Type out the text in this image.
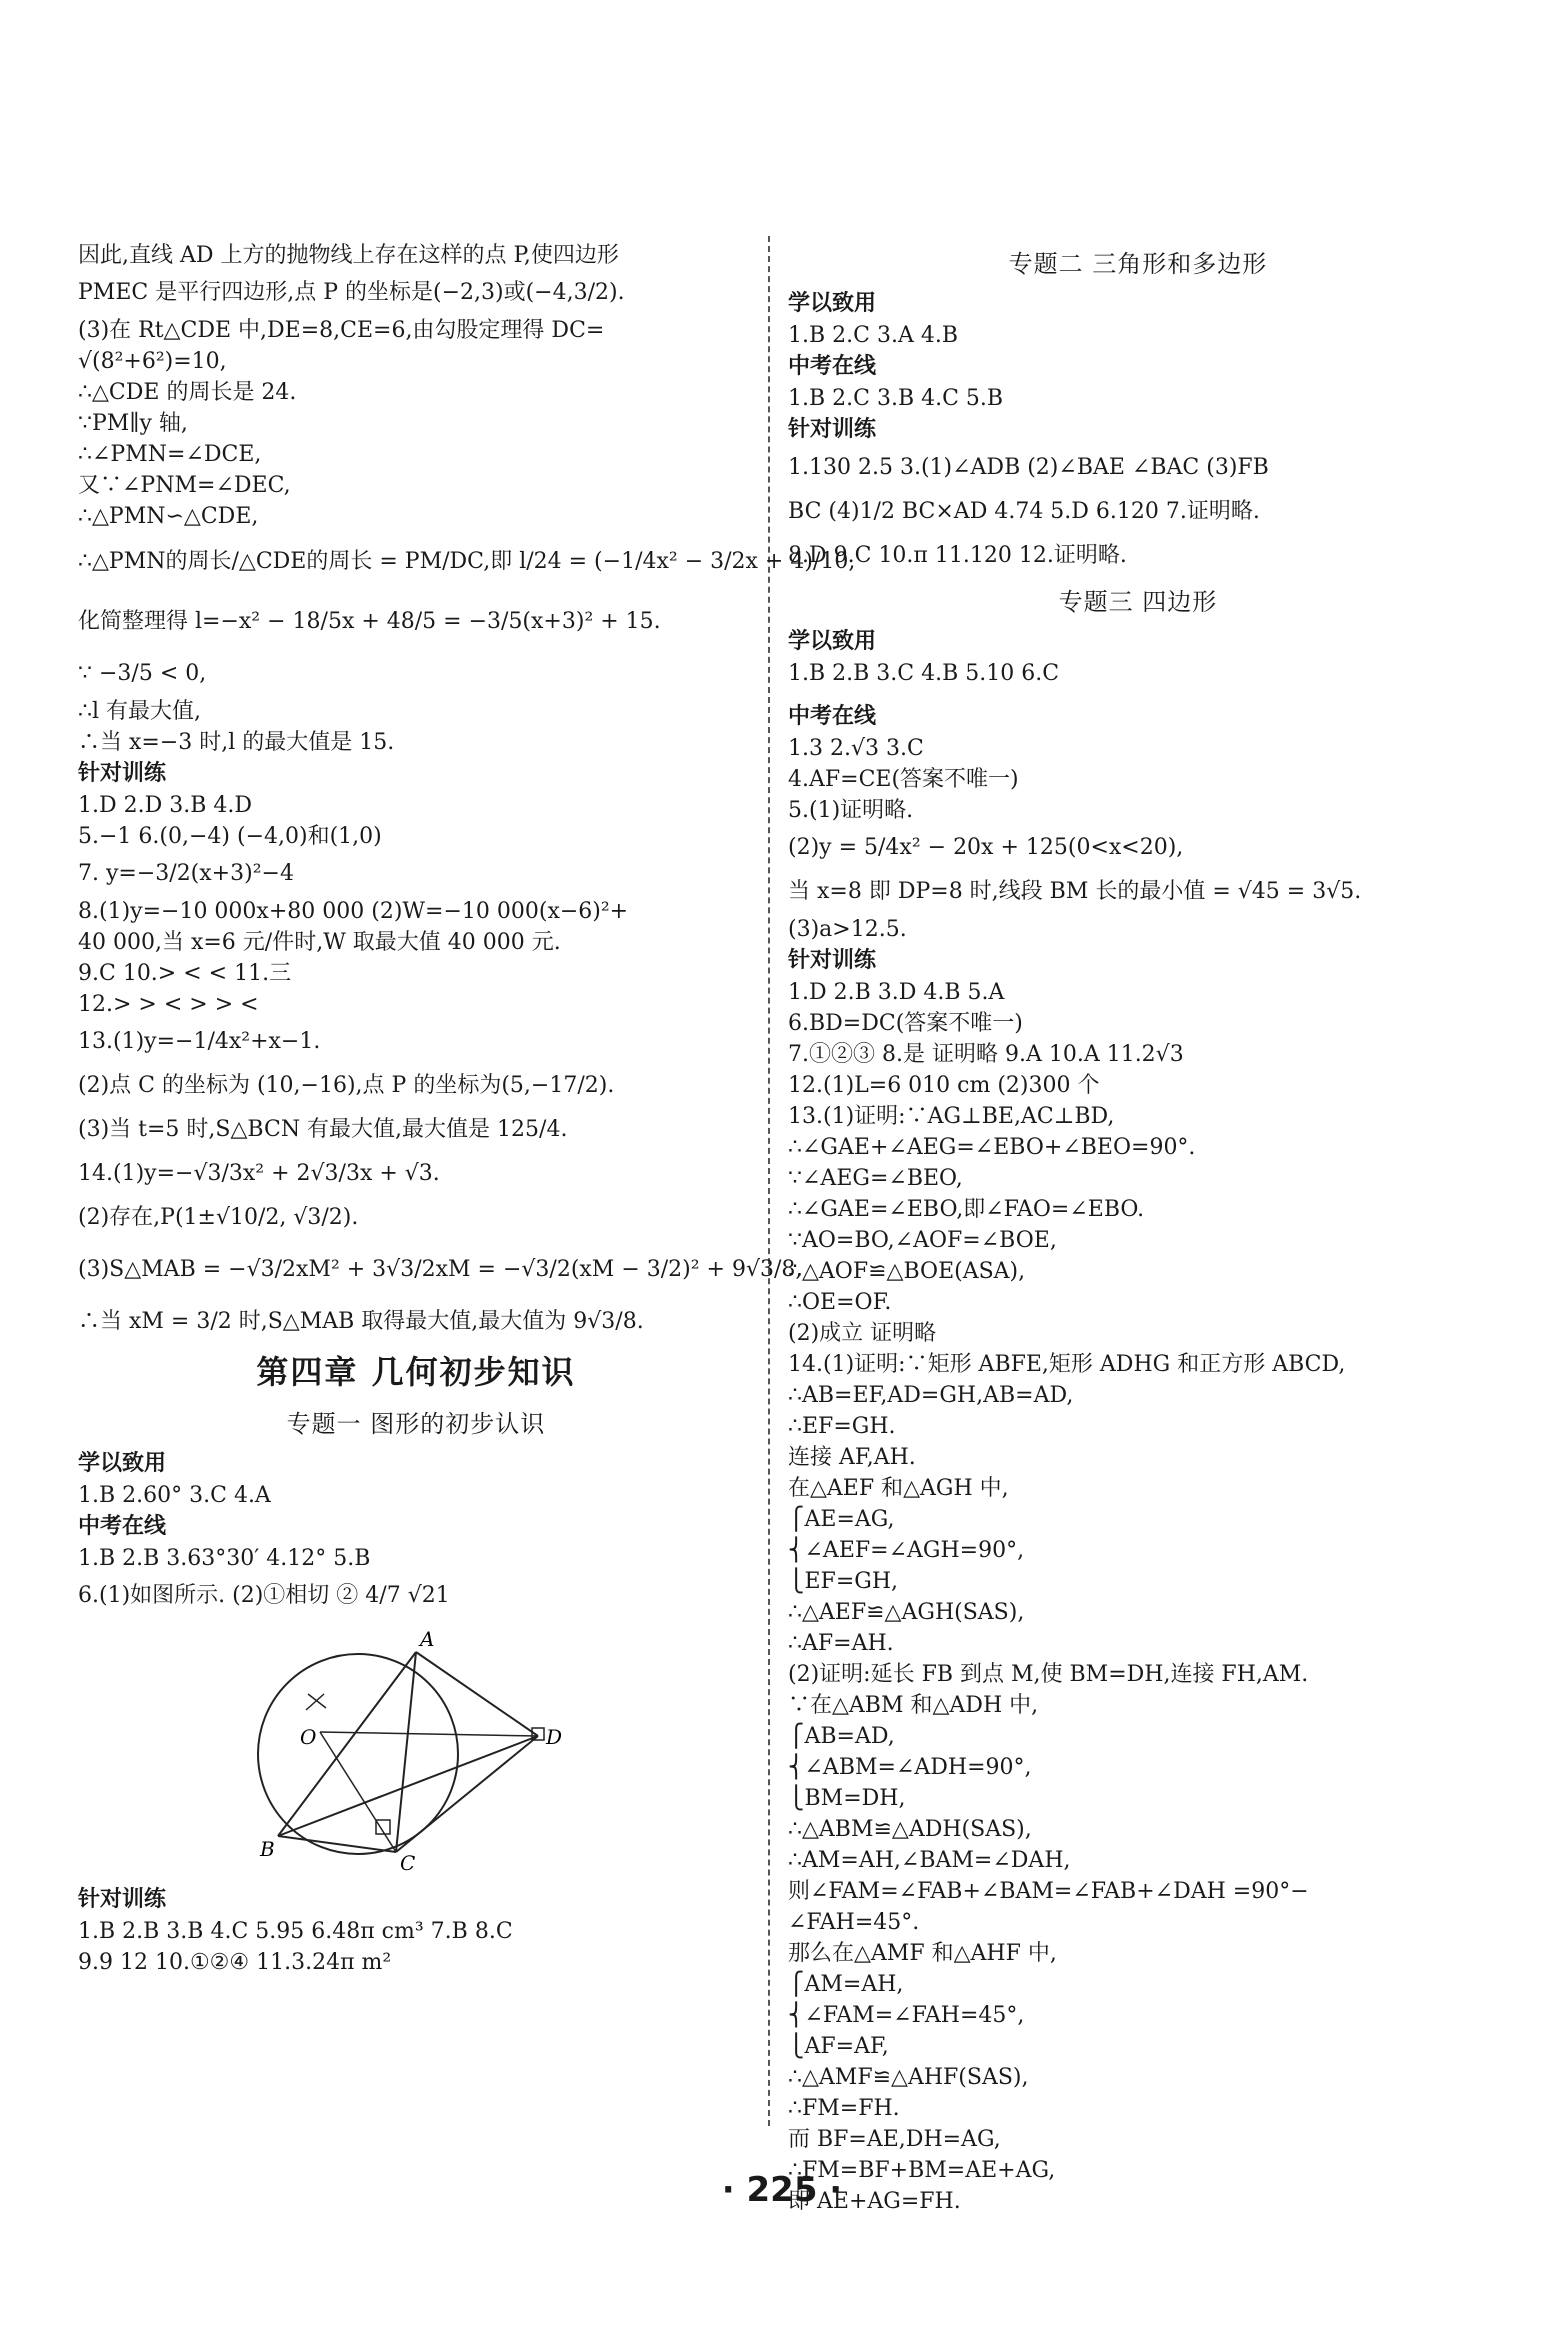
因此,直线 AD 上方的抛物线上存在这样的点 P,使四边形
PMEC 是平行四边形,点 P 的坐标是(−2,3)或(−4,3/2).
(3)在 Rt△CDE 中,DE=8,CE=6,由勾股定理得 DC=
√(8²+6²)=10,
∴△CDE 的周长是 24.
∵PM∥y 轴,
∴∠PMN=∠DCE,
又∵∠PNM=∠DEC,
∴△PMN∽△CDE,
∴△PMN的周长/△CDE的周长 = PM/DC,即 l/24 = (−1/4x² − 3/2x + 4)/10,
化简整理得 l=−x² − 18/5x + 48/5 = −3/5(x+3)² + 15.
∵ −3/5 < 0,
∴l 有最大值,
∴当 x=−3 时,l 的最大值是 15.
针对训练
1.D 2.D 3.B 4.D
5.−1 6.(0,−4) (−4,0)和(1,0)
7. y=−3/2(x+3)²−4
8.(1)y=−10 000x+80 000 (2)W=−10 000(x−6)²+
40 000,当 x=6 元/件时,W 取最大值 40 000 元.
9.C 10.> < < 11.三
12.> > < > > <
13.(1)y=−1/4x²+x−1.
(2)点 C 的坐标为 (10,−16),点 P 的坐标为(5,−17/2).
(3)当 t=5 时,S△BCN 有最大值,最大值是 125/4.
14.(1)y=−√3/3x² + 2√3/3x + √3.
(2)存在,P(1±√10/2, √3/2).
(3)S△MAB = −√3/2xM² + 3√3/2xM = −√3/2(xM − 3/2)² + 9√3/8,
∴当 xM = 3/2 时,S△MAB 取得最大值,最大值为 9√3/8.
第四章 几何初步知识
专题一 图形的初步认识
学以致用
1.B 2.60° 3.C 4.A
中考在线
1.B 2.B 3.63°30′ 4.12° 5.B
6.(1)如图所示. (2)①相切 ② 4/7 √21
A
O
B
C
D
针对训练
1.B 2.B 3.B 4.C 5.95 6.48π cm³ 7.B 8.C
9.9 12 10.①②④ 11.3.24π m²
专题二 三角形和多边形
学以致用
1.B 2.C 3.A 4.B
中考在线
1.B 2.C 3.B 4.C 5.B
针对训练
1.130 2.5 3.(1)∠ADB (2)∠BAE ∠BAC (3)FB
BC (4)1/2 BC×AD 4.74 5.D 6.120 7.证明略.
8.D 9.C 10.π 11.120 12.证明略.
专题三 四边形
学以致用
1.B 2.B 3.C 4.B 5.10 6.C
中考在线
1.3 2.√3 3.C
4.AF=CE(答案不唯一)
5.(1)证明略.
(2)y = 5/4x² − 20x + 125(0<x<20),
当 x=8 即 DP=8 时,线段 BM 长的最小值 = √45 = 3√5.
(3)a>12.5.
针对训练
1.D 2.B 3.D 4.B 5.A
6.BD=DC(答案不唯一)
7.①②③ 8.是 证明略 9.A 10.A 11.2√3
12.(1)L=6 010 cm (2)300 个
13.(1)证明:∵AG⊥BE,AC⊥BD,
∴∠GAE+∠AEG=∠EBO+∠BEO=90°.
∵∠AEG=∠BEO,
∴∠GAE=∠EBO,即∠FAO=∠EBO.
∵AO=BO,∠AOF=∠BOE,
∴△AOF≌△BOE(ASA),
∴OE=OF.
(2)成立 证明略
14.(1)证明:∵矩形 ABFE,矩形 ADHG 和正方形 ABCD,
∴AB=EF,AD=GH,AB=AD,
∴EF=GH.
连接 AF,AH.
在△AEF 和△AGH 中,
⎧AE=AG,
⎨∠AEF=∠AGH=90°,
⎩EF=GH,
∴△AEF≌△AGH(SAS),
∴AF=AH.
(2)证明:延长 FB 到点 M,使 BM=DH,连接 FH,AM.
∵在△ABM 和△ADH 中,
⎧AB=AD,
⎨∠ABM=∠ADH=90°,
⎩BM=DH,
∴△ABM≌△ADH(SAS),
∴AM=AH,∠BAM=∠DAH,
则∠FAM=∠FAB+∠BAM=∠FAB+∠DAH =90°−
∠FAH=45°.
那么在△AMF 和△AHF 中,
⎧AM=AH,
⎨∠FAM=∠FAH=45°,
⎩AF=AF,
∴△AMF≌△AHF(SAS),
∴FM=FH.
而 BF=AE,DH=AG,
∴FM=BF+BM=AE+AG,
即 AE+AG=FH.
· 225 ·
